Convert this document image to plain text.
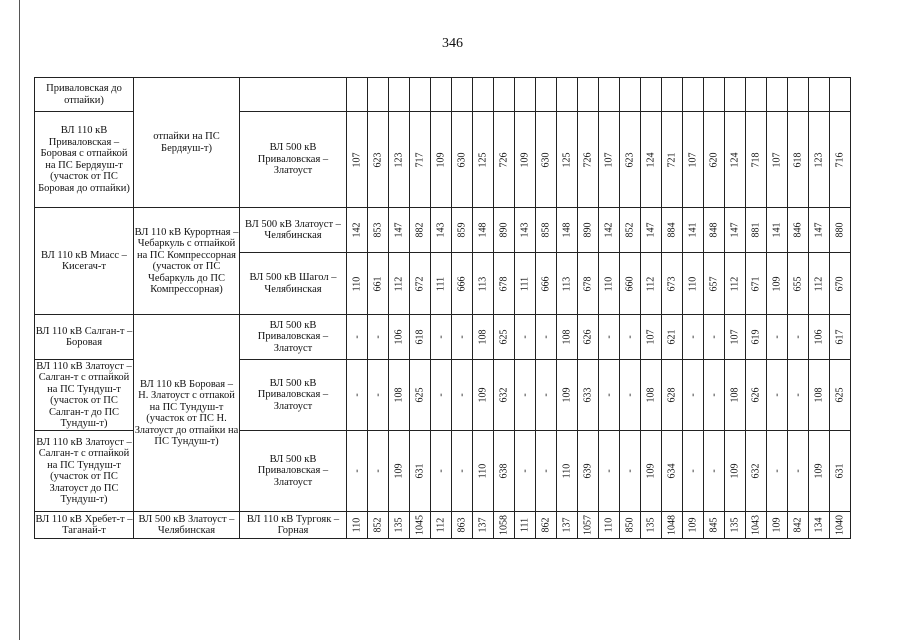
346
Приваловская до отпайки)	отпайки на ПС Бердяуш-т)		

ВЛ 110 кВ Приваловская – Боровая с отпайкой на ПС Бердяуш-т (участок от ПС Боровая до отпайки)		ВЛ 500 кВ Приваловская – Златоуст	107	623	123	717	109	630	125	726	109	630	125	726	107	623	124	721	107	620	124	718	107	618	123	716

ВЛ 110 кВ Миасс – Кисегач-т	ВЛ 110 кВ Курортная – Чебаркуль с отпайкой на ПС Компрессорная (участок от ПС Чебаркуль до ПС Компрессорная)	ВЛ 500 кВ Златоуст – Челябинская	142	853	147	882	143	859	148	890	143	858	148	890	142	852	147	884	141	848	147	881	141	846	147	880

		ВЛ 500 кВ Шагол – Челябинская	110	661	112	672	111	666	113	678	111	666	113	678	110	660	112	673	110	657	112	671	109	655	112	670

ВЛ 110 кВ Салган-т – Боровая	ВЛ 110 кВ Боровая – Н. Златоуст с отпакой на ПС Тундуш-т (участок от ПС Н. Златоуст до отпайки на ПС Тундуш-т)	ВЛ 500 кВ Приваловская – Златоуст	-	-	106	618	-	-	108	625	-	-	108	626	-	-	107	621	-	-	107	619	-	-	106	617

ВЛ 110 кВ Златоуст – Салган-т с отпайкой на ПС Тундуш-т (участок от ПС Салган-т до ПС Тундуш-т)		ВЛ 500 кВ Приваловская – Златоуст	-	-	108	625	-	-	109	632	-	-	109	633	-	-	108	628	-	-	108	626	-	-	108	625

ВЛ 110 кВ Златоуст – Салган-т с отпайкой на ПС Тундуш-т (участок от ПС Златоуст до ПС Тундуш-т)		ВЛ 500 кВ Приваловская – Златоуст	-	-	109	631	-	-	110	638	-	-	110	639	-	-	109	634	-	-	109	632	-	-	109	631

ВЛ 110 кВ Хребет-т – Таганай-т	ВЛ 500 кВ Златоуст – Челябинская	ВЛ 110 кВ Тургояк – Горная	110	852	135	1045	112	863	137	1058	111	862	137	1057	110	850	135	1048	109	845	135	1043	109	842	134	1040
